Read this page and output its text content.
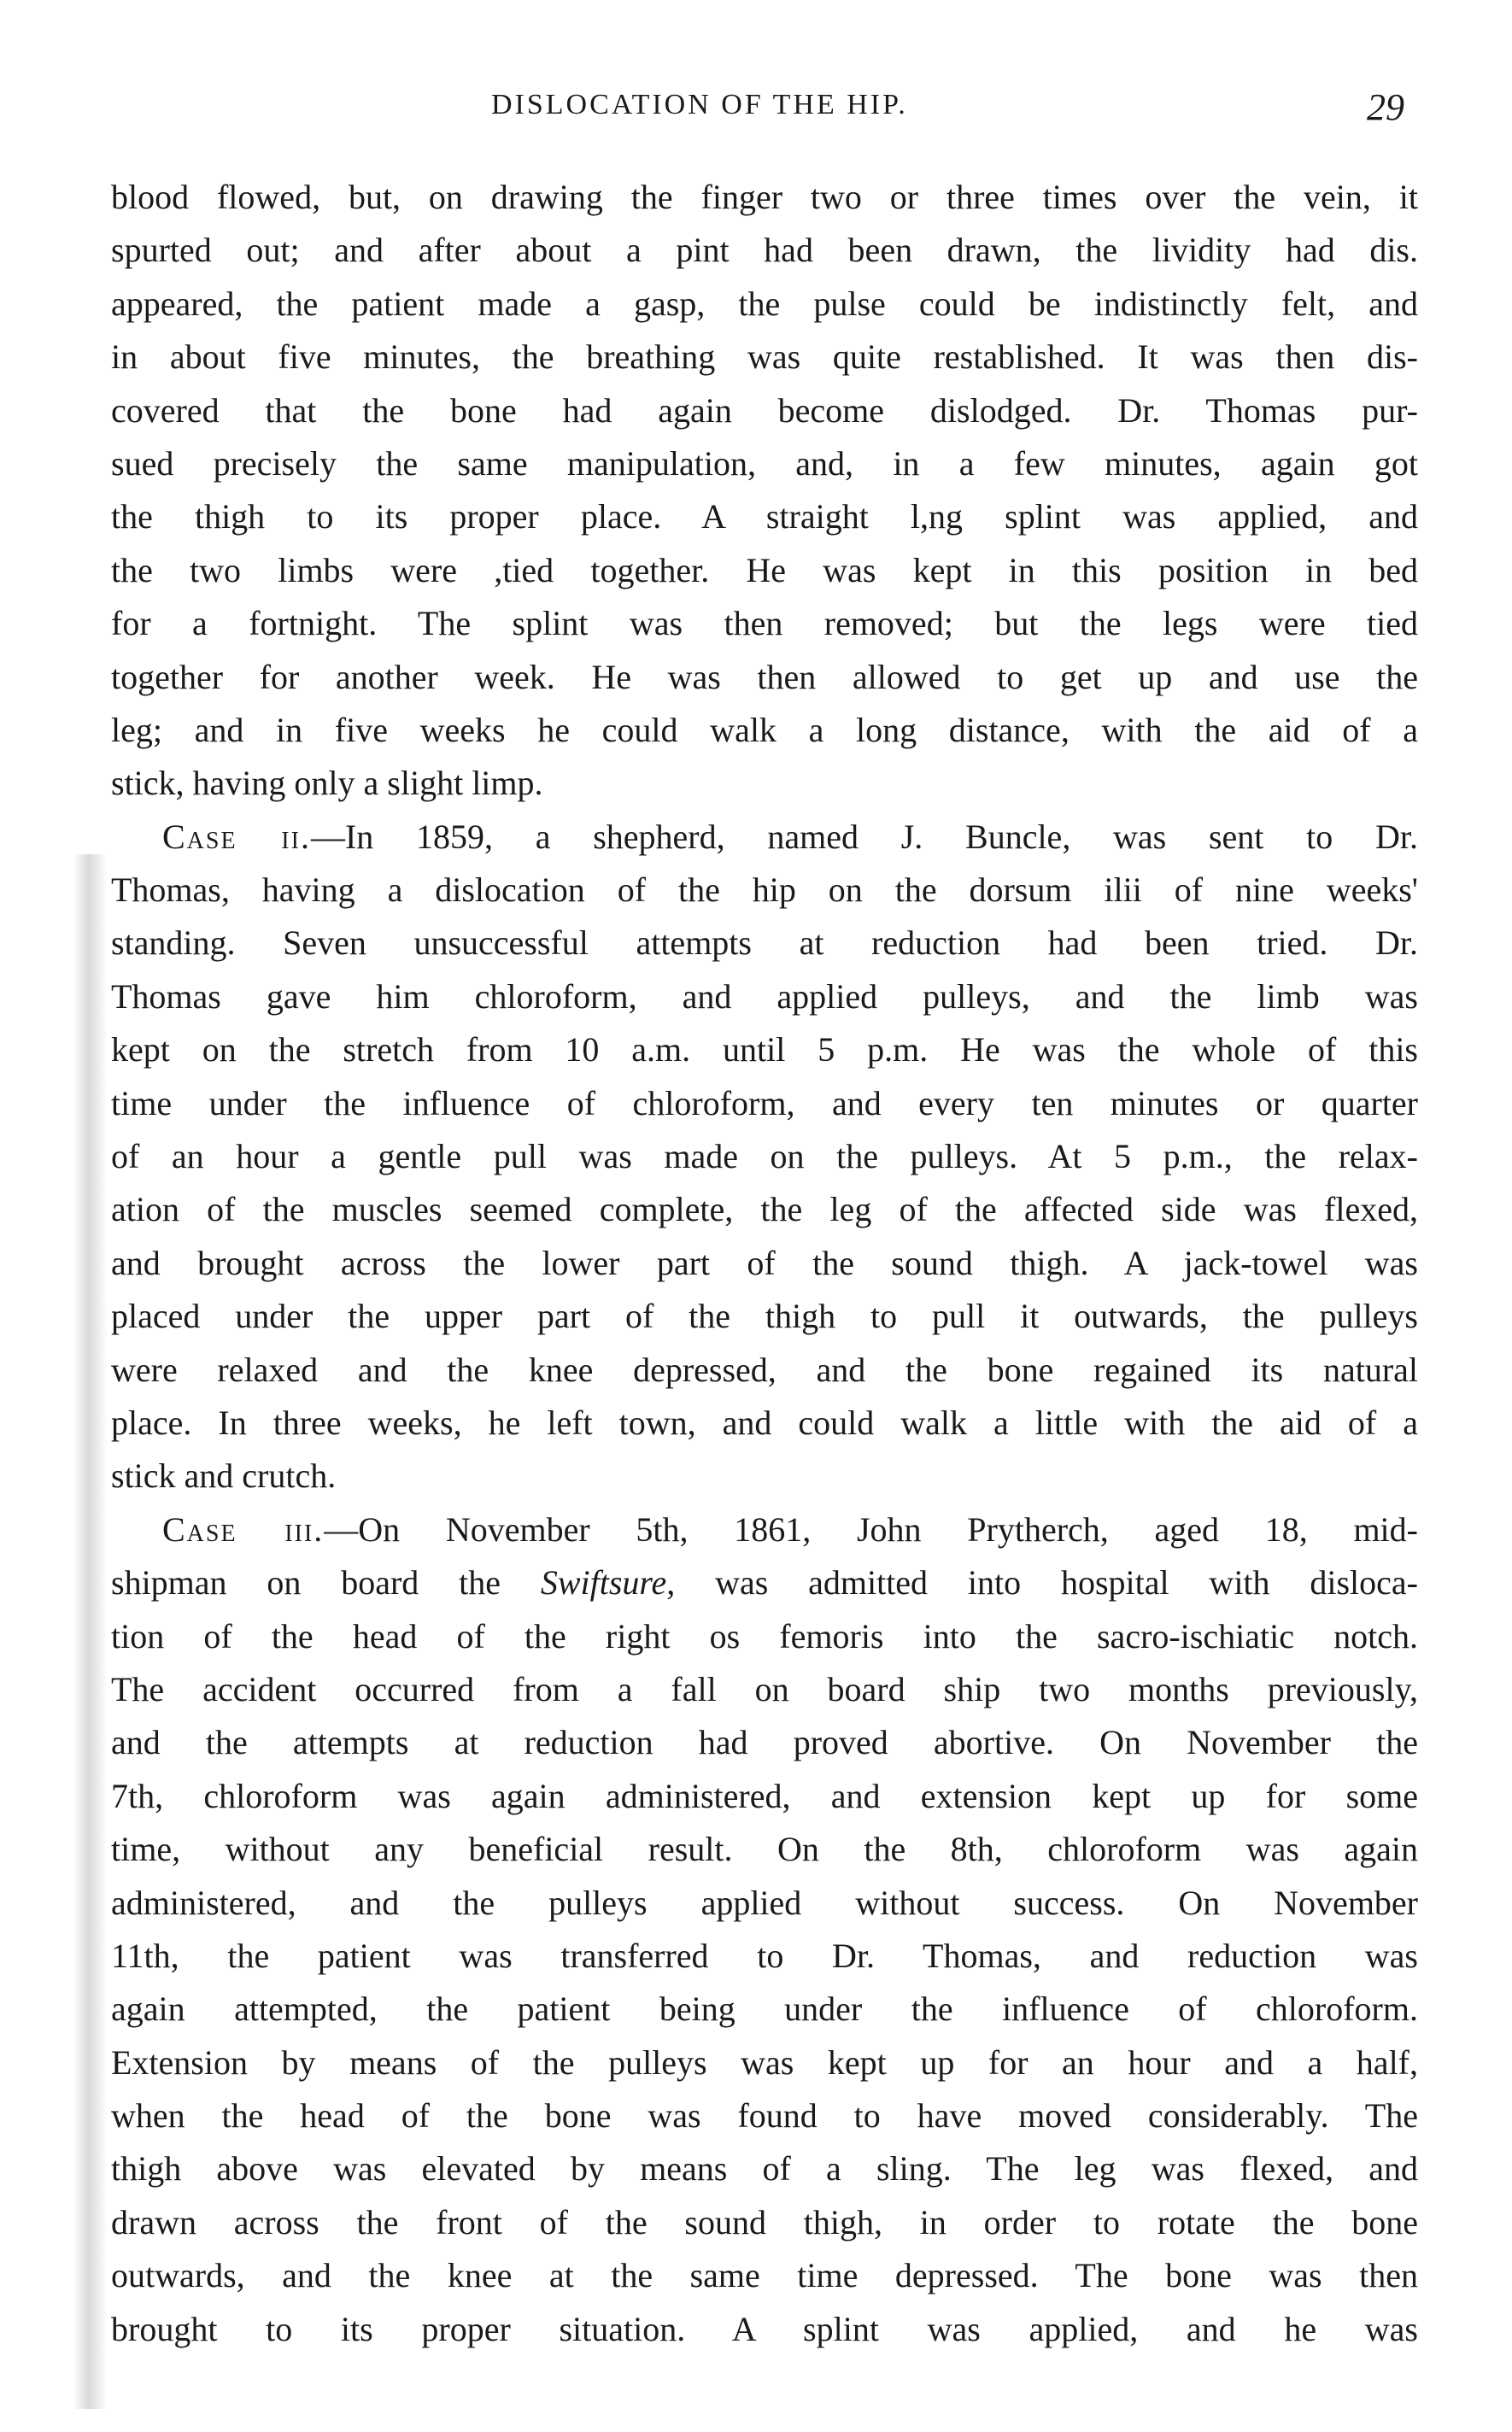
DISLOCATION OF THE HIP.	29
blood flowed, but, on drawing the finger two or three times over the vein, it
spurted out; and after about a pint had been drawn, the lividity had dis.
appeared, the patient made a gasp, the pulse could be indistinctly felt, and
in about five minutes, the breathing was quite restablished. It was then dis-
covered that the bone had again become dislodged. Dr. Thomas pur-
sued precisely the same manipulation, and, in a few minutes, again got
the thigh to its proper place. A straight l,ng splint was applied, and
the two limbs were ,tied together. He was kept in this position in bed
for a fortnight. The splint was then removed; but the legs were tied
together for another week. He was then allowed to get up and use the
leg; and in five weeks he could walk a long distance, with the aid of a
stick, having only a slight limp.
Case ii.—In 1859, a shepherd, named J. Buncle, was sent to Dr.
Thomas, having a dislocation of the hip on the dorsum ilii of nine weeks'
standing. Seven unsuccessful attempts at reduction had been tried. Dr.
Thomas gave him chloroform, and applied pulleys, and the limb was
kept on the stretch from 10 a.m. until 5 p.m. He was the whole of this
time under the influence of chloroform, and every ten minutes or quarter
of an hour a gentle pull was made on the pulleys. At 5 p.m., the relax-
ation of the muscles seemed complete, the leg of the affected side was flexed,
and brought across the lower part of the sound thigh. A jack-towel was
placed under the upper part of the thigh to pull it outwards, the pulleys
were relaxed and the knee depressed, and the bone regained its natural
place. In three weeks, he left town, and could walk a little with the aid of a
stick and crutch.
Case iii.—On November 5th, 1861, John Prytherch, aged 18, mid-
shipman on board the Swiftsure, was admitted into hospital with disloca-
tion of the head of the right os femoris into the sacro-ischiatic notch.
The accident occurred from a fall on board ship two months previously,
and the attempts at reduction had proved abortive. On November the
7th, chloroform was again administered, and extension kept up for some
time, without any beneficial result. On the 8th, chloroform was again
administered, and the pulleys applied without success. On November
11th, the patient was transferred to Dr. Thomas, and reduction was
again attempted, the patient being under the influence of chloroform.
Extension by means of the pulleys was kept up for an hour and a half,
when the head of the bone was found to have moved considerably. The
thigh above was elevated by means of a sling. The leg was flexed, and
drawn across the front of the sound thigh, in order to rotate the bone
outwards, and the knee at the same time depressed. The bone was then
brought to its proper situation. A splint was applied, and he was
